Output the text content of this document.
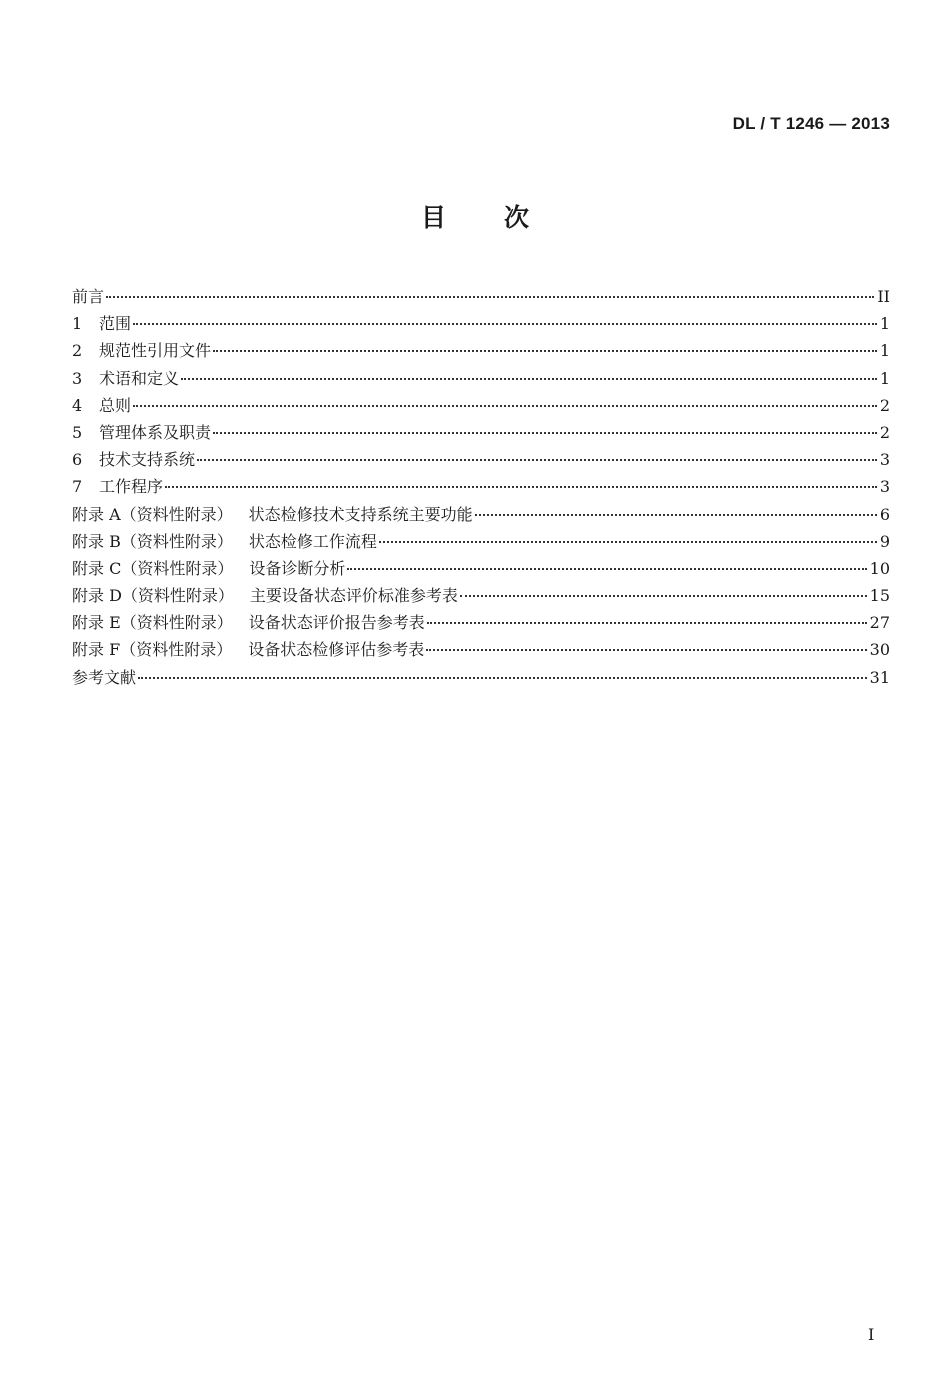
DL / T 1246 — 2013
目次
前言	II
1	范围	1
2	规范性引用文件	1
3	术语和定义	1
4	总则	2
5	管理体系及职责	2
6	技术支持系统	3
7	工作程序	3
附录 A（资料性附录） 状态检修技术支持系统主要功能	6
附录 B（资料性附录） 状态检修工作流程	9
附录 C（资料性附录） 设备诊断分析	10
附录 D（资料性附录） 主要设备状态评价标准参考表	15
附录 E（资料性附录） 设备状态评价报告参考表	27
附录 F（资料性附录） 设备状态检修评估参考表	30
参考文献	31
I
